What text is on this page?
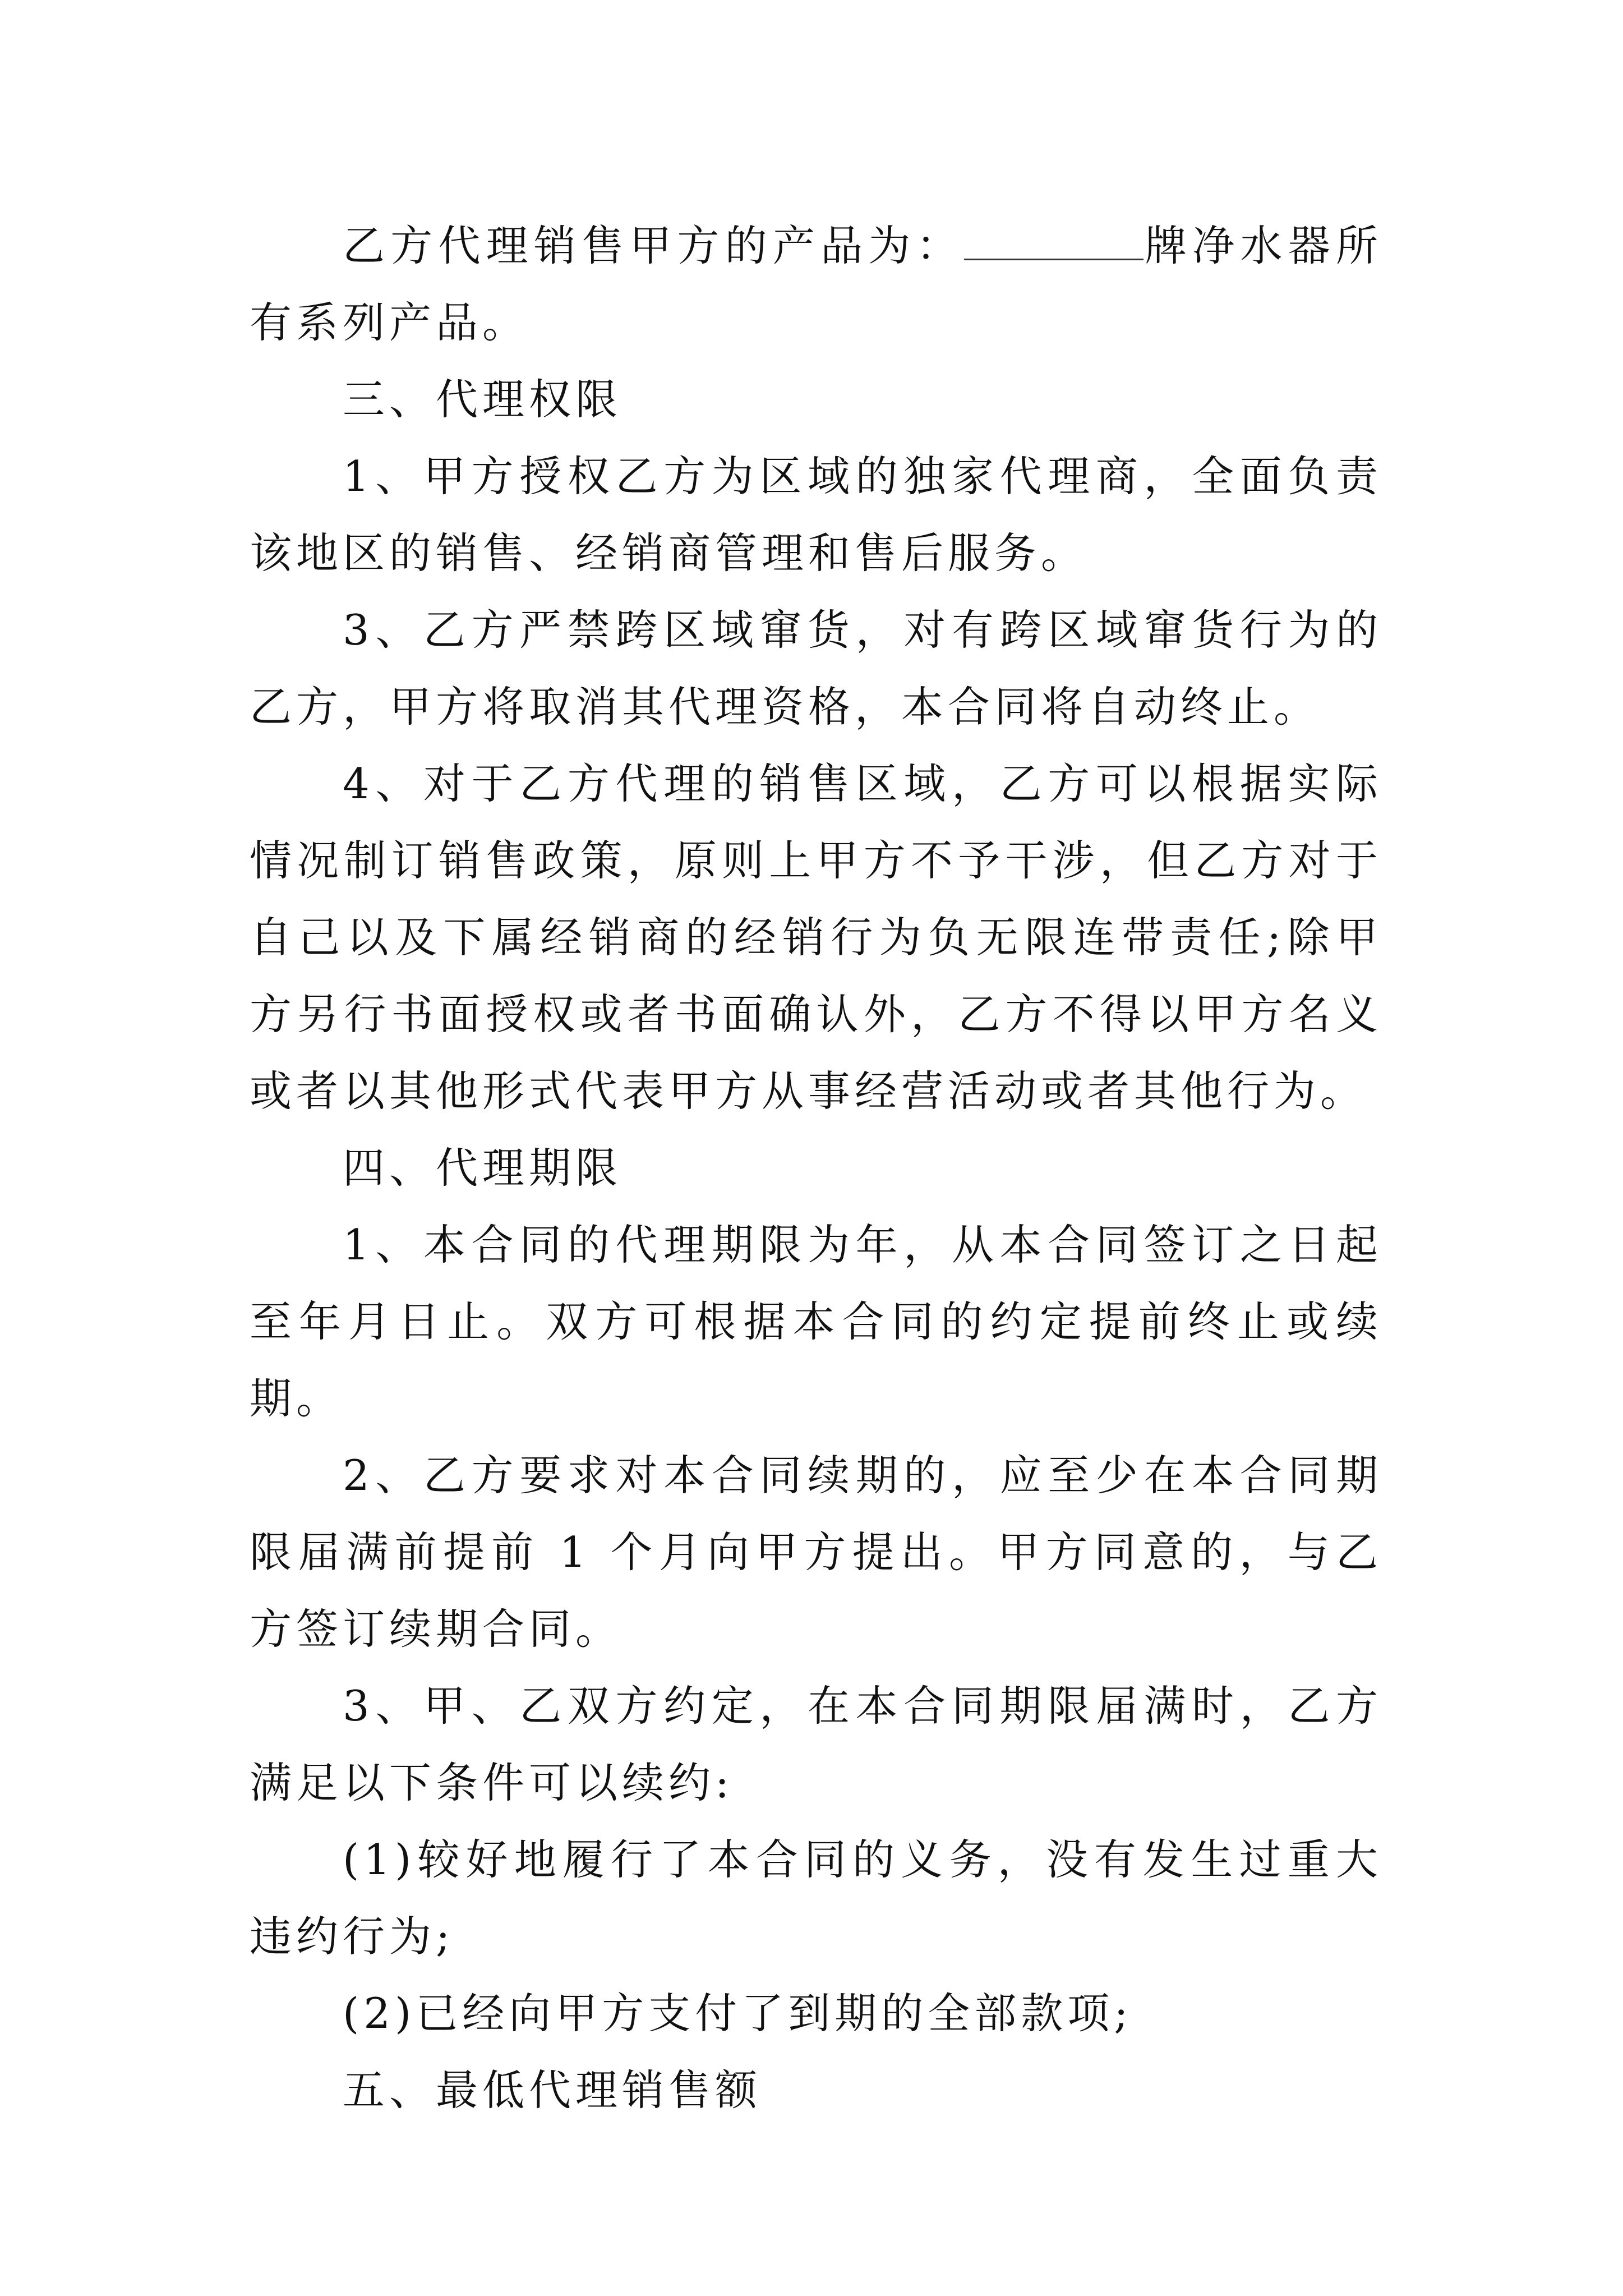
乙方代理销售甲方的产品为：	牌净水器所有系列产品。

三、代理权限

1、甲方授权乙方为区域的独家代理商，全面负责该地区的销售、经销商管理和售后服务。

3、乙方严禁跨区域窜货，对有跨区域窜货行为的乙方，甲方将取消其代理资格，本合同将自动终止。

4、对于乙方代理的销售区域，乙方可以根据实际情况制订销售政策，原则上甲方不予干涉，但乙方对于自己以及下属经销商的经销行为负无限连带责任;除甲方另行书面授权或者书面确认外，乙方不得以甲方名义或者以其他形式代表甲方从事经营活动或者其他行为。

四、代理期限

1、本合同的代理期限为年，从本合同签订之日起至年月日止。双方可根据本合同的约定提前终止或续期。

2、乙方要求对本合同续期的，应至少在本合同期限届满前提前 1 个月向甲方提出。甲方同意的，与乙方签订续期合同。

3、甲、乙双方约定，在本合同期限届满时，乙方满足以下条件可以续约:

(1)较好地履行了本合同的义务，没有发生过重大违约行为;

(2)已经向甲方支付了到期的全部款项;

五、最低代理销售额
